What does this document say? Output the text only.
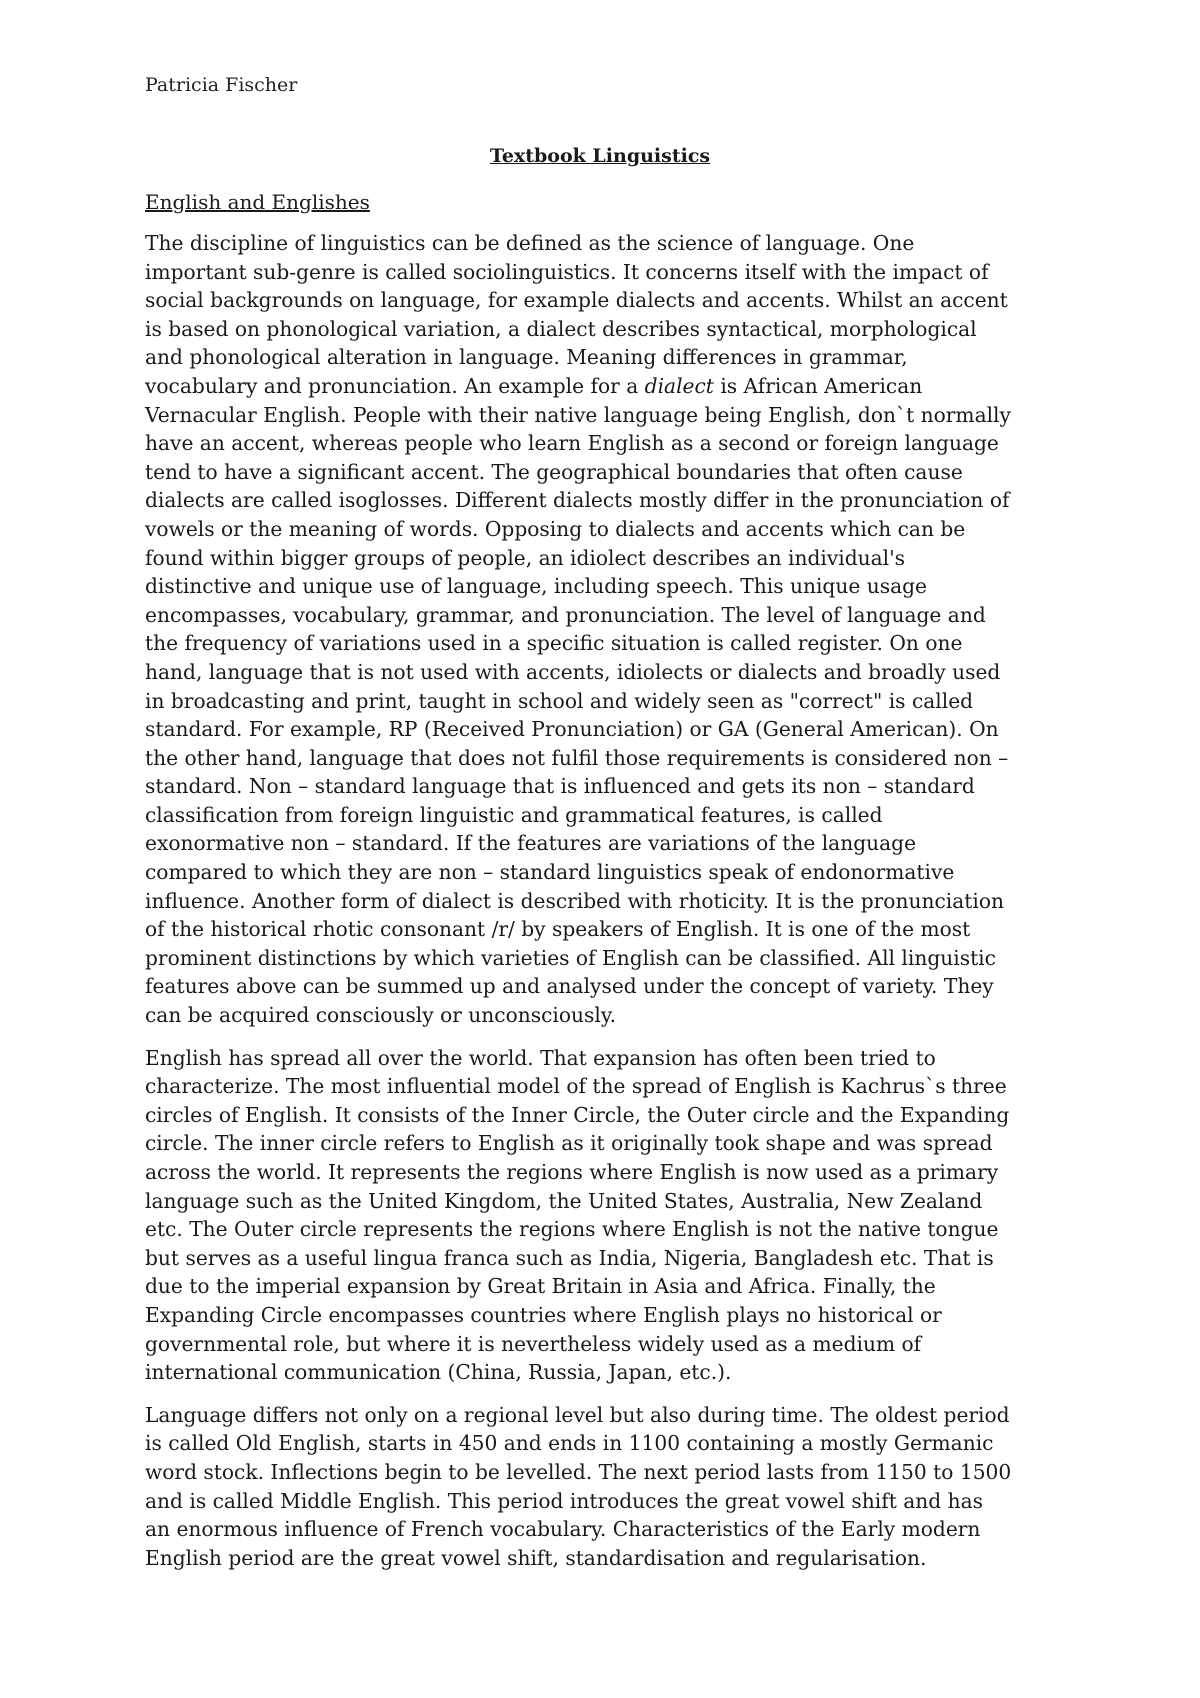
Patricia Fischer
Textbook Linguistics
English and Englishes

The discipline of linguistics can be defined as the science of language. One
important sub-genre is called sociolinguistics. It concerns itself with the impact of
social backgrounds on language, for example dialects and accents. Whilst an accent
is based on phonological variation, a dialect describes syntactical, morphological
and phonological alteration in language. Meaning differences in grammar,
vocabulary and pronunciation. An example for a dialect is African American
Vernacular English. People with their native language being English, don`t normally
have an accent, whereas people who learn English as a second or foreign language
tend to have a significant accent. The geographical boundaries that often cause
dialects are called isoglosses. Different dialects mostly differ in the pronunciation of
vowels or the meaning of words. Opposing to dialects and accents which can be
found within bigger groups of people, an idiolect describes an individual's
distinctive and unique use of language, including speech. This unique usage
encompasses, vocabulary, grammar, and pronunciation. The level of language and
the frequency of variations used in a specific situation is called register. On one
hand, language that is not used with accents, idiolects or dialects and broadly used
in broadcasting and print, taught in school and widely seen as "correct" is called
standard. For example, RP (Received Pronunciation) or GA (General American). On
the other hand, language that does not fulfil those requirements is considered non –
standard. Non – standard language that is influenced and gets its non – standard
classification from foreign linguistic and grammatical features, is called
exonormative non – standard. If the features are variations of the language
compared to which they are non – standard linguistics speak of endonormative
influence. Another form of dialect is described with rhoticity. It is the pronunciation
of the historical rhotic consonant /r/ by speakers of English. It is one of the most
prominent distinctions by which varieties of English can be classified. All linguistic
features above can be summed up and analysed under the concept of variety. They
can be acquired consciously or unconsciously.

English has spread all over the world. That expansion has often been tried to
characterize. The most influential model of the spread of English is Kachrus`s three
circles of English. It consists of the Inner Circle, the Outer circle and the Expanding
circle. The inner circle refers to English as it originally took shape and was spread
across the world. It represents the regions where English is now used as a primary
language such as the United Kingdom, the United States, Australia, New Zealand
etc. The Outer circle represents the regions where English is not the native tongue
but serves as a useful lingua franca such as India, Nigeria, Bangladesh etc. That is
due to the imperial expansion by Great Britain in Asia and Africa. Finally, the
Expanding Circle encompasses countries where English plays no historical or
governmental role, but where it is nevertheless widely used as a medium of
international communication (China, Russia, Japan, etc.).

Language differs not only on a regional level but also during time. The oldest period
is called Old English, starts in 450 and ends in 1100 containing a mostly Germanic
word stock. Inflections begin to be levelled. The next period lasts from 1150 to 1500
and is called Middle English. This period introduces the great vowel shift and has
an enormous influence of French vocabulary. Characteristics of the Early modern
English period are the great vowel shift, standardisation and regularisation.
